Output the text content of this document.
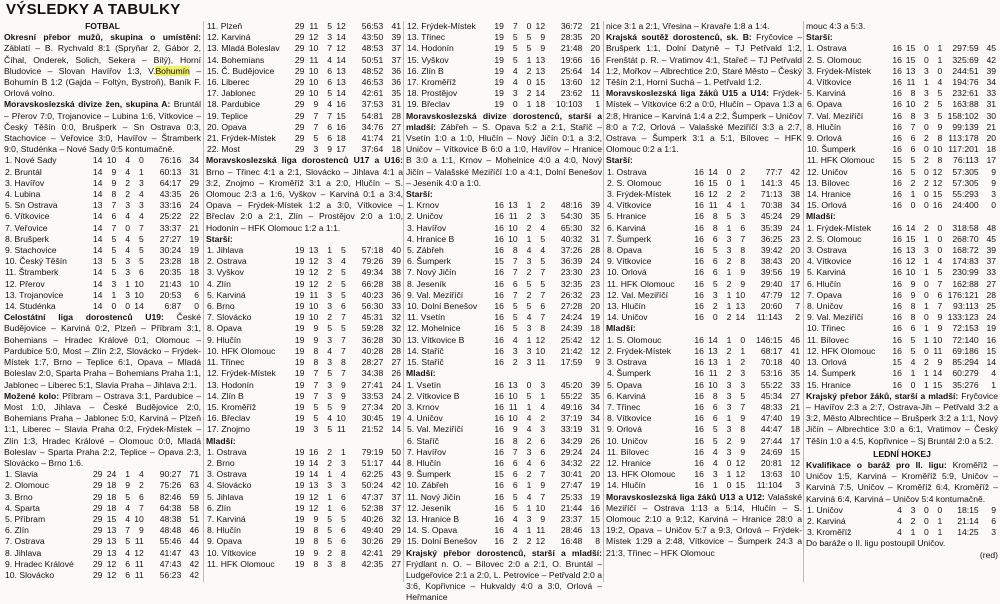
VÝSLEDKY A TABULKY
FOTBAL
Okresní přebor mužů, skupina o umístění: Záblatí – B. Rychvald 8:1 (Spryňar 2, Gábor 2, Číhal, Onderek, Solich, Sekera – Bílý), Horní Bludovice – Slovan Havířov 1:3, V.Bohumín – Bohumín B 1:2 (Gajda – Foltýn, Bystroň), Baník F. Orlová volno.
Moravskoslezská divize žen, skupina A: Bruntál – Přerov 7:0, Trojanovice – Lubina 1:6, Vítkovice – Český Těšín 0:0, Brušperk – Sn Ostrava 0:3, Stachovice – Veřovice 3:0, Havířov – Štramberk 9:0, Studénka – Nové Sady 0:5 kontumačně.
1. Nové Sady	14	10	4	0	76:16	34
2. Bruntál	14	9	4	1	60:13	31
3. Havířov	14	9	2	3	64:17	29
4. Lubina	14	8	2	4	43:35	26
5. Sn Ostrava	13	7	3	3	33:16	24
6. Vítkovice	14	6	4	4	25:22	22
7. Veřovice	14	7	0	7	33:37	21
8. Brušperk	14	5	4	5	27:27	19
9. Stachovice	14	5	4	5	30:24	19
10. Český Těšín	13	5	3	5	23:28	18
11. Štramberk	14	5	3	6	20:35	18
12. Přerov	14	3	1	10	21:43	10
13. Trojanovice	14	1	3	10	20:53	6
14. Studénka	14	0	0	14	6:87	0
Celostátní liga dorostenců U19: České Budějovice – Karviná 0:2, Plzeň – Příbram 3:1, Bohemians – Hradec Králové 0:1, Olomouc – Pardubice 5:0, Most – Zlín 2:2, Slovácko – Frýdek-Místek 1:7, Brno – Teplice 6:1, Opava – Mladá Boleslav 2:0, Sparta Praha – Bohemians Praha 1:1, Jablonec – Liberec 5:1, Slavia Praha – Jihlava 2:1.
Možené kolo: Příbram – Ostrava 3:1, Pardubice – Most 1:0, Jihlava – České Budějovice 2:0, Bohemians Praha – Jablonec 5:0, Karviná – Plzeň 1:1, Liberec – Slavia Praha 0:2, Frýdek-Místek – Zlín 1:3, Hradec Králové – Olomouc 0:0, Mladá Boleslav – Sparta Praha 2:2, Teplice – Opava 2:3, Slovácko – Brno 1:6.
1. Slavia	29	24	1	4	90:27	71
2. Olomouc	29	18	9	2	75:26	63
3. Brno	29	18	5	6	82:46	59
4. Sparta	29	18	4	7	64:38	58
5. Příbram	29	15	4	10	48:38	51
6. Zlín	29	13	7	9	48:48	46
7. Ostrava	29	13	5	11	55:46	44
8. Jihlava	29	13	4	12	41:47	43
9. Hradec Králové	29	12	6	11	47:43	42
10. Slovácko	29	12	6	11	56:23	42
11. Plzeň	29	11	5	12	56:53	41
12. Karviná	29	12	3	14	43:50	39
13. Mladá Boleslav	29	10	7	12	48:53	37
14. Bohemians	29	11	4	14	50:51	37
15. Č. Budějovice	29	10	6	13	48:52	36
16. Liberec	29	10	6	13	46:53	36
17. Jablonec	29	10	5	14	42:61	35
18. Pardubice	29	9	4	16	37:53	31
19. Teplice	29	7	7	15	54:81	28
20. Opava	29	7	6	16	34:76	27
21. Frýdek-Místek	29	5	6	18	41:74	21
22. Most	29	3	9	17	37:64	18
Moravskoslezská liga dorostenců U17 a U16: Brno – Třinec 4:1 a 2:1, Slovácko – Jihlava 4:1 a 3:2, Znojmo – Kroměříž 3:1 a 2:0, Hlučín – S. Olomouc 2:3 a 1:6, Vyškov – Karviná 0:1 a 3:4, Opava – Frýdek-Místek 1:2 a 3:0, Vítkovice – Břeclav 2:0 a 2:1, Zlín – Prostějov 2:0 a 1:0, Hodonín – HFK Olomouc 1:2 a 1:1.
Starší:
1. Jihlava	19	13	1	5	57:18	40
2. Ostrava	19	12	3	4	79:26	39
3. Vyškov	19	12	2	5	49:34	38
4. Zlín	19	12	2	5	66:28	38
5. Karviná	19	11	3	5	40:23	36
6. Brno	19	10	3	6	56:30	33
7. Slovácko	19	10	2	7	45:31	32
8. Opava	19	9	5	5	59:28	32
9. Hlučín	19	9	3	7	36:28	30
10. HFK Olomouc	19	8	4	7	40:28	28
11. Třinec	19	8	3	8	28:27	27
12. Frýdek-Místek	19	7	5	7	34:38	26
13. Hodonín	19	7	3	9	27:41	24
14. Zlín B	19	7	3	9	33:53	24
15. Kroměříž	19	5	5	9	27:34	20
16. Břeclav	19	5	4	10	30:45	19
17. Znojmo	19	3	5	11	21:52	14
Mladší:
1. Ostrava	19	16	2	1	79:19	50
2. Brno	19	14	2	3	51:17	44
3. Ostrava	19	14	1	4	62:25	43
4. Slovácko	19	13	3	3	50:24	42
5. Jihlava	19	12	1	6	47:37	37
6. Zlín	19	12	1	6	52:38	37
7. Karviná	19	9	5	5	40:26	32
8. Hlučín	19	8	5	6	49:40	29
9. Opava	19	8	5	6	30:26	29
10. Vítkovice	19	9	2	8	42:41	29
11. HFK Olomouc	19	8	3	8	42:35	27
12. Frýdek-Místek	19	7	0	12	36:72	21
13. Třinec	19	5	5	9	28:35	20
14. Hodonín	19	5	5	9	21:48	20
15. Vyškov	19	5	1	13	19:66	16
16. Zlín B	19	4	2	13	25:64	14
17. Kroměříž	19	4	0	15	13:60	12
18. Prostějov	19	3	2	14	23:62	11
19. Břeclav	19	0	1	18	10:103	1
Moravskoslezská divize dorostenců, starší a mladší: Zábřeh – S. Opava 5:2 a 2:1, Staříč – Vsetín 1:0 a 1:0, Hlučín – Nový Jičín 0:1 a 3:2, Uničov – Vítkovice B 6:0 a 1:0, Havířov – Hranice B 3:0 a 1:1, Krnov – Mohelnice 4:0 a 4:0, Nový Jičín – Valašské Meziříčí 1:0 a 4:1, Dolní Benešov – Jeseník 4:0 a 1:0.
Starší:
1. Krnov	16	13	1	2	48:16	39
2. Uničov	16	11	2	3	54:30	35
3. Havířov	16	10	2	4	65:30	32
4. Hranice B	16	10	1	5	40:32	31
5. Zábřeh	16	8	4	4	37:26	28
6. Šumperk	15	7	3	5	36:39	24
7. Nový Jičín	16	7	2	7	23:30	23
8. Jeseník	16	6	5	5	32:35	23
9. Val. Meziříčí	16	7	2	7	26:32	23
10. Dolní Benešov	16	5	5	6	27:28	20
11. Vsetín	16	5	4	7	24:24	19
12. Mohelnice	16	5	3	8	24:39	18
13. Vítkovice B	16	4	1	12	25:42	12
14. Staříč	16	3	3	10	21:42	12
15. Staříč	16	2	3	11	17:59	9
Mladší:
1. Vsetín	16	13	0	3	45:20	39
2. Vítkovice B	16	10	5	1	55:22	35
3. Krnov	16	11	1	4	49:16	34
4. Uničov	16	10	4	2	37:19	34
5. Val. Meziříčí	16	9	4	3	33:19	31
6. Staříč	16	8	2	6	34:29	26
7. Havířov	16	7	3	6	29:24	24
8. Hlučín	16	6	4	6	34:32	22
9. Šumperk	15	6	2	7	30:41	20
10. Zábřeh	16	6	1	9	27:47	19
11. Nový Jičín	16	5	4	7	25:33	19
12. Jeseník	16	5	1	10	21:44	16
13. Hranice B	16	4	3	9	23:37	15
14. S. Opava	16	4	1	11	28:46	13
15. Dolní Benešov	16	2	2	12	16:48	8
Krajský přebor dorostenců, starší a mladší: Frýdlant n. O. – Bílovec 2:0 a 2:1, O. Bruntál – Ludgeřovice 2:1 a 2:0, L. Petrovice – Petřvald 2:0 a 3:6, Kopřivnice – Hukvaldy 4:0 a 3:0, Orlová – Heřmanice
nice 3:1 a 2:1, Vřesina – Kravaře 1:8 a 1:4.
Krajská soutěž dorostenců, sk. B: Fryčovice – Brušperk 1:1, Dolní Datyně – TJ Petřvald 1:2, Frenštát p. R. – Vratimov 4:1, Stařeč – TJ Petřvald 1:2, Mořkov – Albrechtice 2:0, Staré Město – Český Těšín 2:1, Horní Suchá – 1. Petřvald 1:2.
Moravskoslezská liga žáků U15 a U14: Frýdek-Místek – Vítkovice 6:2 a 0:0, Hlučín – Opava 1:3 a 2:8, Hranice – Karviná 1:4 a 2:2, Šumperk – Uničov 8:0 a 7:2, Orlová – Valašské Meziříčí 3:3 a 2:7, Ostrava – Šumperk 3:1 a 5:1, Bílovec – HFK Olomouc 0:2 a 1:1.
Starší:
1. Ostrava	16	14	0	2	77:7	42
2. S. Olomouc	16	15	0	1	141:3	45
3. Frýdek-Místek	16	12	2	2	71:13	38
4. Vítkovice	16	11	4	1	70:38	34
5. Hranice	16	8	5	3	45:24	29
6. Karviná	16	8	1	6	35:39	24
7. Šumperk	16	6	3	7	36:25	23
8. Opava	16	5	3	8	39:42	20
9. Vítkovice	16	6	2	8	38:43	20
10. Orlová	16	6	1	9	39:56	19
11. HFK Olomouc	16	5	2	9	29:40	17
12. Val. Meziříčí	16	3	1	10	47:79	12
13. Hlučín	16	2	1	13	20:60	7
14. Uničov	16	0	2	14	11:143	2
Mladší:
1. S. Olomouc	16	14	1	0	146:15	46
2. Frýdek-Místek	16	13	2	1	68:17	41
3. Ostrava	16	13	1	2	70:18	40
4. Šumperk	16	11	2	3	53:16	35
5. Opava	16	10	3	3	55:22	33
6. Karviná	16	8	3	5	45:34	27
7. Třinec	16	6	3	7	48:33	21
8. Vítkovice	16	6	1	9	47:40	19
9. Orlová	16	5	3	8	44:47	18
10. Uničov	16	5	2	9	27:44	17
11. Bílovec	16	4	3	9	24:69	15
12. Hranice	16	4	0	12	20:81	12
13. HFK Olomouc	16	3	1	12	13:63	10
14. Hlučín	16	1	0	15	11:104	3
Moravskoslezská liga žáků U13 a U12: Valašské Meziříčí – Ostrava 1:13 a 5:14, Hlučín – S. Olomouc 2:10 a 9:12, Karviná – Hranice 28:0 a 19:2, Opava – Uničov 5:7 a 9:3, Orlová – Frýdek-Místek 1:29 a 2:48, Vítkovice – Šumperk 24:3 a 21:3, Třinec – HFK Olomouc
mouc 4:3 a 5:3.
Starší:
1. Ostrava	16	15	0	1	297:59	45
2. S. Olomouc	16	15	0	1	325:69	42
3. Frýdek-Místek	16	13	3	0	244:51	39
4. Vítkovice	16	11	1	4	194:76	34
5. Karviná	16	8	3	5	232:61	33
6. Opava	16	10	2	5	163:88	31
7. Val. Meziříčí	16	8	3	5	158:102	30
8. Hlučín	16	7	0	9	99:139	21
9. Orlová	16	6	2	8	113:178	20
10. Šumperk	16	6	0	10	117:201	18
11. HFK Olomouc	15	5	2	8	76:113	17
12. Uničov	16	5	0	12	57:305	9
13. Bílovec	16	2	2	12	57:305	9
14. Hranice	16	1	0	15	55:293	3
15. Orlová	16	0	0	16	24:400	0
Mladší:
1. Frýdek-Místek	16	14	2	0	318:58	48
2. S. Olomouc	16	15	1	0	268:70	45
3. Ostrava	16	13	3	0	168:72	39
4. Vítkovice	16	12	1	4	174:83	37
5. Karviná	16	10	1	5	230:99	33
6. Hlučín	16	9	0	7	162:88	27
7. Opava	16	9	0	6	176:121	28
8. Uničov	16	8	1	7	93:113	25
9. Val. Meziříčí	16	8	0	9	133:123	24
10. Třinec	16	6	1	9	72:153	19
11. Bílovec	16	5	1	10	72:140	16
12. HFK Olomouc	16	5	0	11	69:186	15
13. Orlová	15	4	2	9	85:294	14
14. Šumperk	16	1	1	14	60:279	4
15. Hranice	16	0	1	15	35:276	1
Krajský přebor žáků, starší a mladší: Fryčovice – Havířov 2:3 a 2:7, Ostrava-Jih – Petřvald 3:2 a 3:2, Město Albrechtice – Brušperk 3:2 a 1:1, Nový Jičín – Albrechtice 3:0 a 6:1, Vratimov – Český Těšín 1:0 a 4:5, Kopřivnice – Sj Bruntál 2:0 a 5:2.
LEDNÍ HOKEJ
Kvalifikace o baráž pro II. ligu: Kroměříž – Uničov 1:5, Karviná – Kroměříž 5:9, Uničov – Karviná 7:5, Uničov – Kroměříž 6:4, Kroměříž – Karviná 6:4, Karviná – Uničov 5:4 kontumačně.
1. Uničov	4	3	0	0	18:15	9
2. Karviná	4	2	0	1	21:14	6
3. Kroměříž	4	1	0	1	14:25	3
Do baráže o II. ligu postoupil Uničov.
(red)
